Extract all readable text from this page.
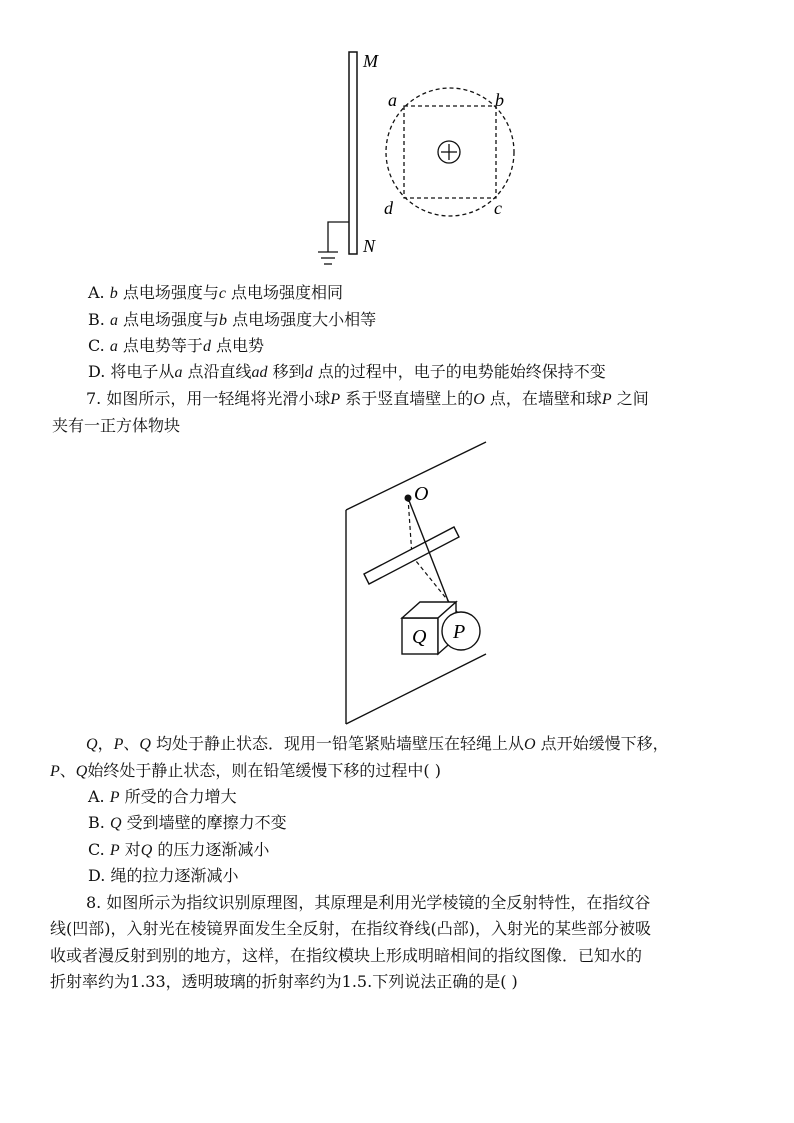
M
N
a	b
c
d
A. b 点电场强度与c 点电场强度相同
B. a 点电场强度与b 点电场强度大小相等
C. a 点电势等于d 点电势
D. 将电子从a 点沿直线ad 移到d 点的过程中，电子的电势能始终保持不变
7. 如图所示，用一轻绳将光滑小球P 系于竖直墙壁上的O 点，在墙壁和球P 之间
夹有一正方体物块
O
Q P
Q，P、Q 均处于静止状态．现用一铅笔紧贴墙壁压在轻绳上从O 点开始缓慢下移，
P、Q始终处于静止状态，则在铅笔缓慢下移的过程中( )
A. P 所受的合力增大
B. Q 受到墙壁的摩擦力不变
C. P 对Q 的压力逐渐减小
D. 绳的拉力逐渐减小
8. 如图所示为指纹识别原理图，其原理是利用光学棱镜的全反射特性，在指纹谷
线(凹部)，入射光在棱镜界面发生全反射，在指纹脊线(凸部)，入射光的某些部分被吸
收或者漫反射到别的地方，这样，在指纹模块上形成明暗相间的指纹图像．已知水的
折射率约为1.33，透明玻璃的折射率约为1.5.下列说法正确的是( )
